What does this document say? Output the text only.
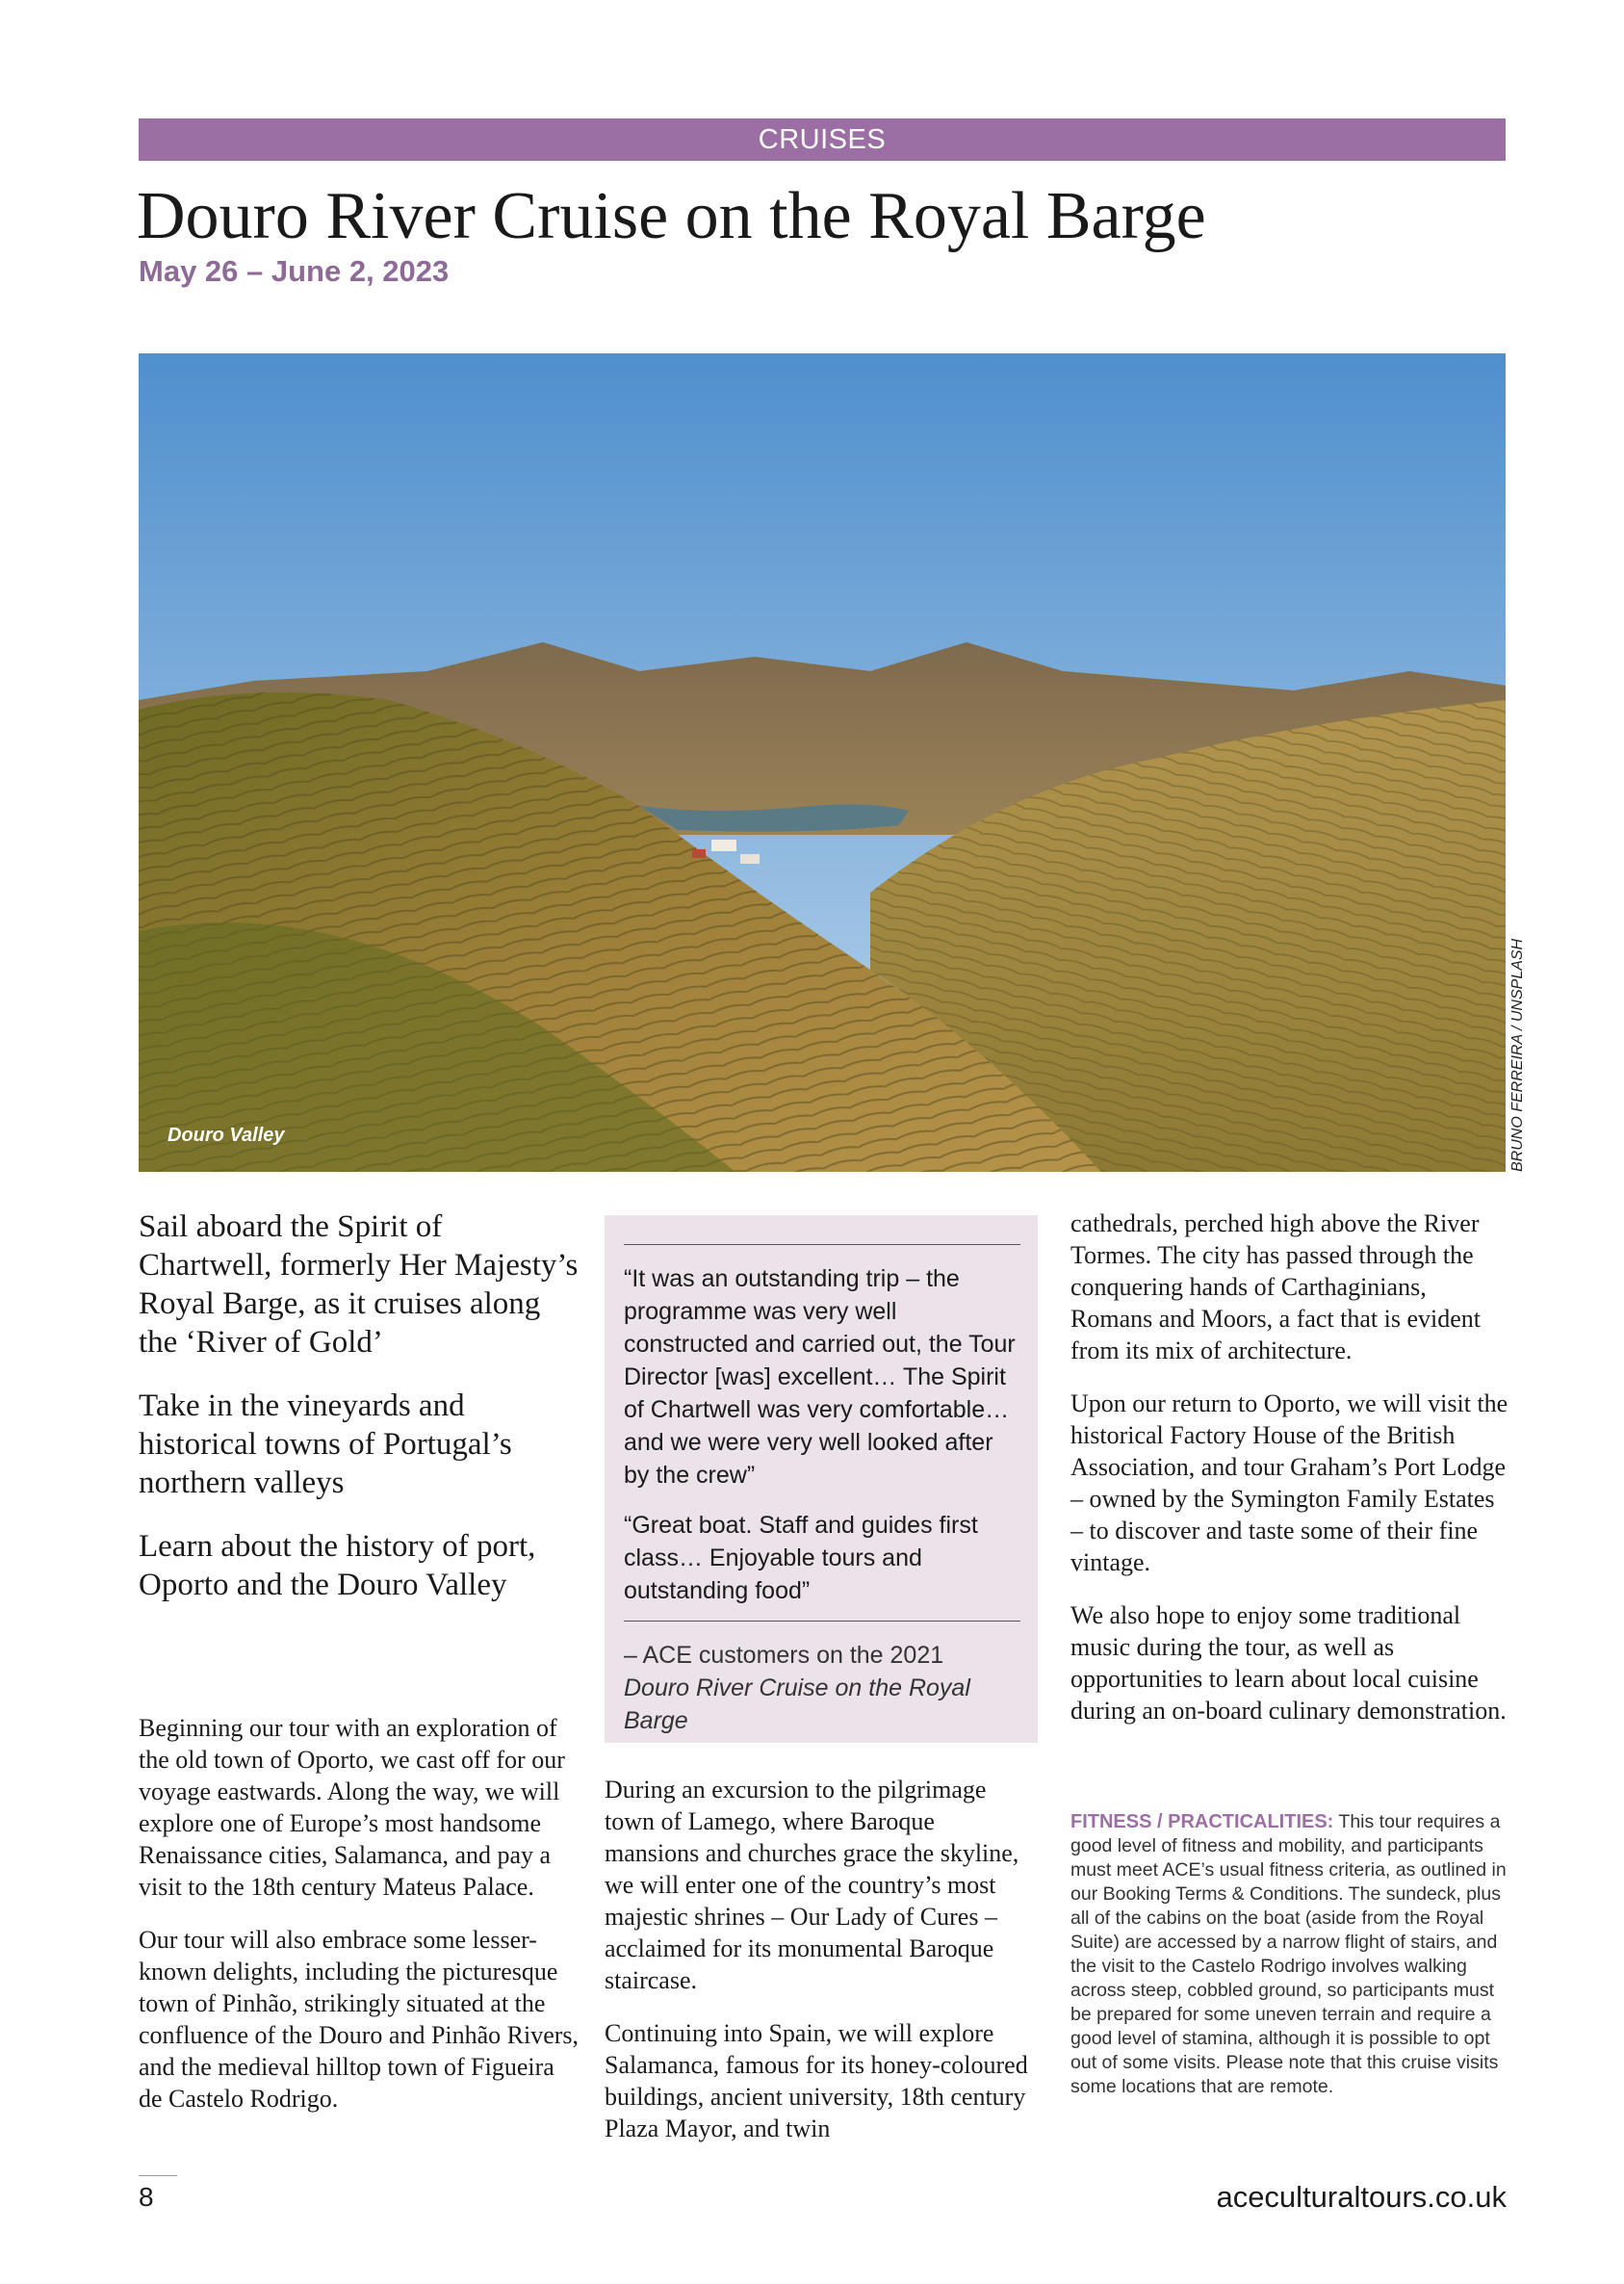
CRUISES
Douro River Cruise on the Royal Barge
May 26 – June 2, 2023
Douro Valley	BRUNO FERREIRA / UNSPLASH

Sail aboard the Spirit of Chartwell, formerly Her Majesty’s Royal Barge, as it cruises along the ‘River of Gold’

Take in the vineyards and historical towns of Portugal’s northern valleys

Learn about the history of port, Oporto and the Douro Valley

“It was an outstanding trip – the programme was very well constructed and carried out, the Tour Director [was] excellent… The Spirit of Chartwell was very comfortable… and we were very well looked after by the crew”

“Great boat. Staff and guides first class… Enjoyable tours and outstanding food”

– ACE customers on the 2021
Douro River Cruise on the Royal Barge

Beginning our tour with an exploration of the old town of Oporto, we cast off for our voyage eastwards. Along the way, we will explore one of Europe’s most handsome Renaissance cities, Salamanca, and pay a visit to the 18th century Mateus Palace.

Our tour will also embrace some lesser-known delights, including the picturesque town of Pinhão, strikingly situated at the confluence of the Douro and Pinhão Rivers, and the medieval hilltop town of Figueira de Castelo Rodrigo.

During an excursion to the pilgrimage town of Lamego, where Baroque mansions and churches grace the skyline, we will enter one of the country’s most majestic shrines – Our Lady of Cures – acclaimed for its monumental Baroque staircase.

Continuing into Spain, we will explore Salamanca, famous for its honey-coloured buildings, ancient university, 18th century Plaza Mayor, and twin

cathedrals, perched high above the River Tormes. The city has passed through the conquering hands of Carthaginians, Romans and Moors, a fact that is evident from its mix of architecture.

Upon our return to Oporto, we will visit the historical Factory House of the British Association, and tour Graham’s Port Lodge – owned by the Symington Family Estates – to discover and taste some of their fine vintage.

We also hope to enjoy some traditional music during the tour, as well as opportunities to learn about local cuisine during an on-board culinary demonstration.

FITNESS / PRACTICALITIES: This tour requires a good level of fitness and mobility, and participants must meet ACE’s usual fitness criteria, as outlined in our Booking Terms & Conditions. The sundeck, plus all of the cabins on the boat (aside from the Royal Suite) are accessed by a narrow flight of stairs, and the visit to the Castelo Rodrigo involves walking across steep, cobbled ground, so participants must be prepared for some uneven terrain and require a good level of stamina, although it is possible to opt out of some visits. Please note that this cruise visits some locations that are remote.
8	aceculturaltours.co.uk
